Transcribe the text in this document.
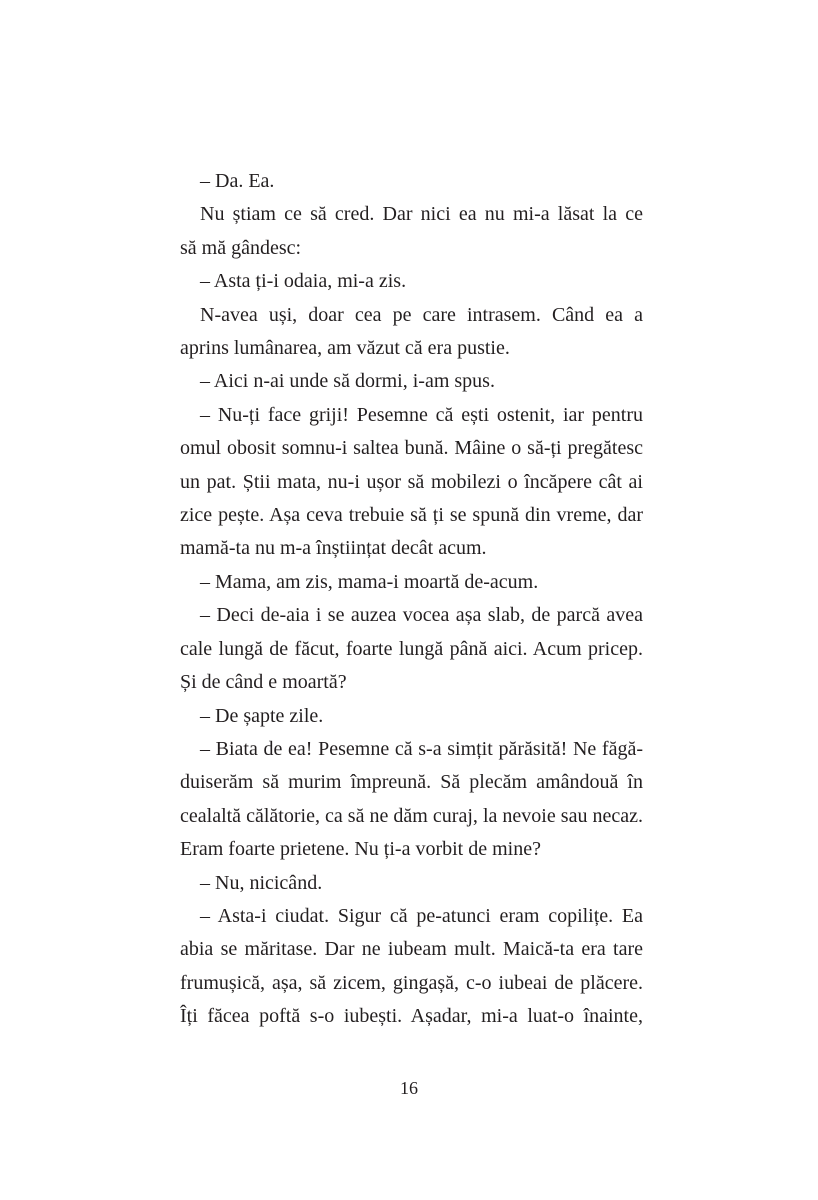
– Da. Ea.
Nu știam ce să cred. Dar nici ea nu mi-a lăsat la ce
să mă gândesc:
– Asta ți-i odaia, mi-a zis.
N-avea uși, doar cea pe care intrasem. Când ea a
aprins lumânarea, am văzut că era pustie.
– Aici n-ai unde să dormi, i-am spus.
– Nu-ți face griji! Pesemne că ești ostenit, iar pentru
omul obosit somnu-i saltea bună. Mâine o să-ți pregătesc
un pat. Știi mata, nu-i ușor să mobilezi o încăpere cât ai
zice pește. Așa ceva trebuie să ți se spună din vreme, dar
mamă-ta nu m-a înștiințat decât acum.
– Mama, am zis, mama-i moartă de-acum.
– Deci de-aia i se auzea vocea așa slab, de parcă avea
cale lungă de făcut, foarte lungă până aici. Acum pricep.
Și de când e moartă?
– De șapte zile.
– Biata de ea! Pesemne că s-a simțit părăsită! Ne făgă-
duiserăm să murim împreună. Să plecăm amândouă în
cealaltă călătorie, ca să ne dăm curaj, la nevoie sau necaz.
Eram foarte prietene. Nu ți-a vorbit de mine?
– Nu, nicicând.
– Asta-i ciudat. Sigur că pe-atunci eram copilițe. Ea
abia se măritase. Dar ne iubeam mult. Maică-ta era tare
frumușică, așa, să zicem, gingașă, c-o iubeai de plăcere.
Îți făcea poftă s-o iubești. Așadar, mi-a luat-o înainte,
16
